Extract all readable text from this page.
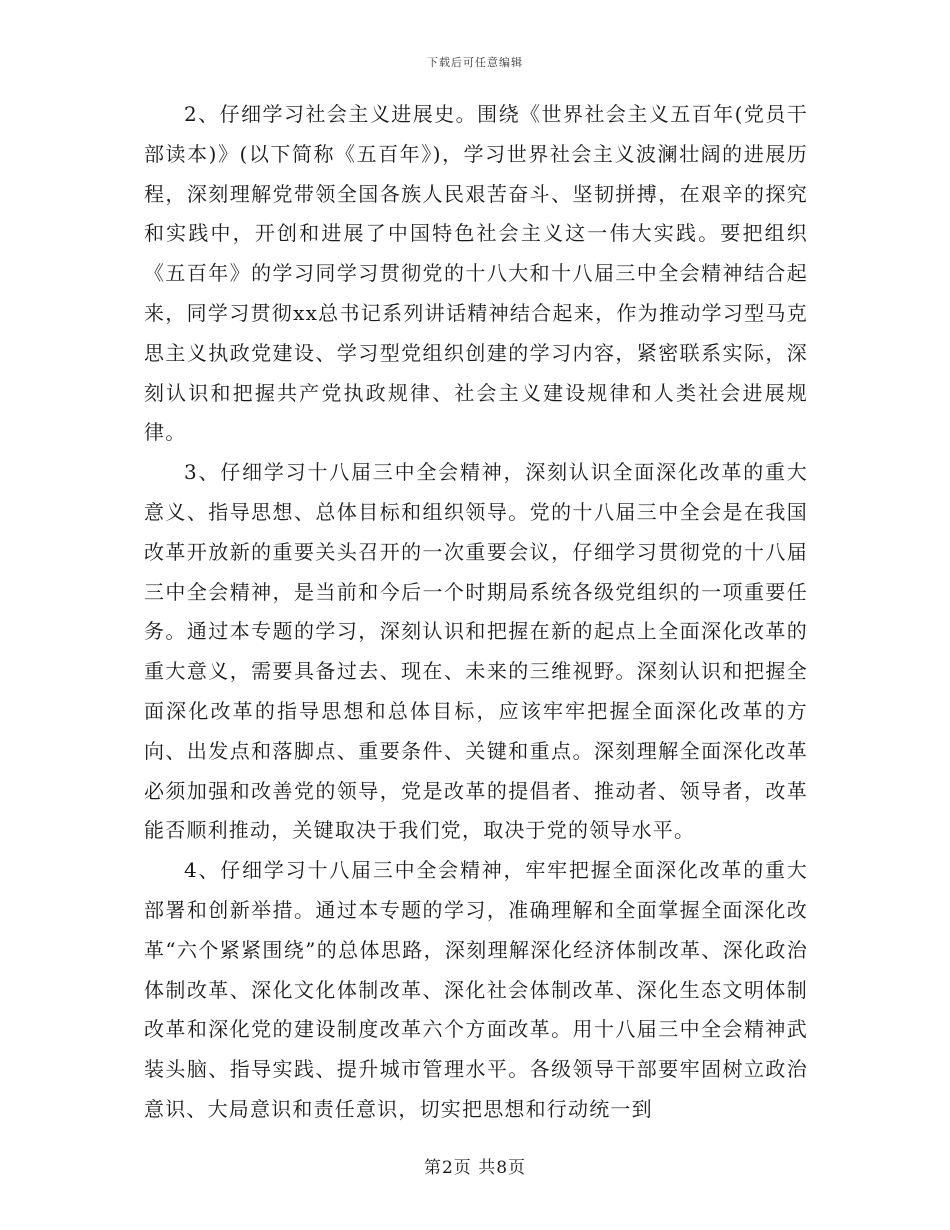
下载后可任意编辑

2、仔细学习社会主义进展史。围绕《世界社会主义五百年(党员干部读本)》(以下简称《五百年》)，学习世界社会主义波澜壮阔的进展历程，深刻理解党带领全国各族人民艰苦奋斗、坚韧拼搏，在艰辛的探究和实践中，开创和进展了中国特色社会主义这一伟大实践。要把组织《五百年》的学习同学习贯彻党的十八大和十八届三中全会精神结合起来，同学习贯彻xx总书记系列讲话精神结合起来，作为推动学习型马克思主义执政党建设、学习型党组织创建的学习内容，紧密联系实际，深刻认识和把握共产党执政规律、社会主义建设规律和人类社会进展规律。

3、仔细学习十八届三中全会精神，深刻认识全面深化改革的重大意义、指导思想、总体目标和组织领导。党的十八届三中全会是在我国改革开放新的重要关头召开的一次重要会议，仔细学习贯彻党的十八届三中全会精神，是当前和今后一个时期局系统各级党组织的一项重要任务。通过本专题的学习，深刻认识和把握在新的起点上全面深化改革的重大意义，需要具备过去、现在、未来的三维视野。深刻认识和把握全面深化改革的指导思想和总体目标，应该牢牢把握全面深化改革的方向、出发点和落脚点、重要条件、关键和重点。深刻理解全面深化改革必须加强和改善党的领导，党是改革的提倡者、推动者、领导者，改革能否顺利推动，关键取决于我们党，取决于党的领导水平。

4、仔细学习十八届三中全会精神，牢牢把握全面深化改革的重大部署和创新举措。通过本专题的学习，准确理解和全面掌握全面深化改革“六个紧紧围绕”的总体思路，深刻理解深化经济体制改革、深化政治体制改革、深化文化体制改革、深化社会体制改革、深化生态文明体制改革和深化党的建设制度改革六个方面改革。用十八届三中全会精神武装头脑、指导实践、提升城市管理水平。各级领导干部要牢固树立政治意识、大局意识和责任意识，切实把思想和行动统一到

第2页 共8页
